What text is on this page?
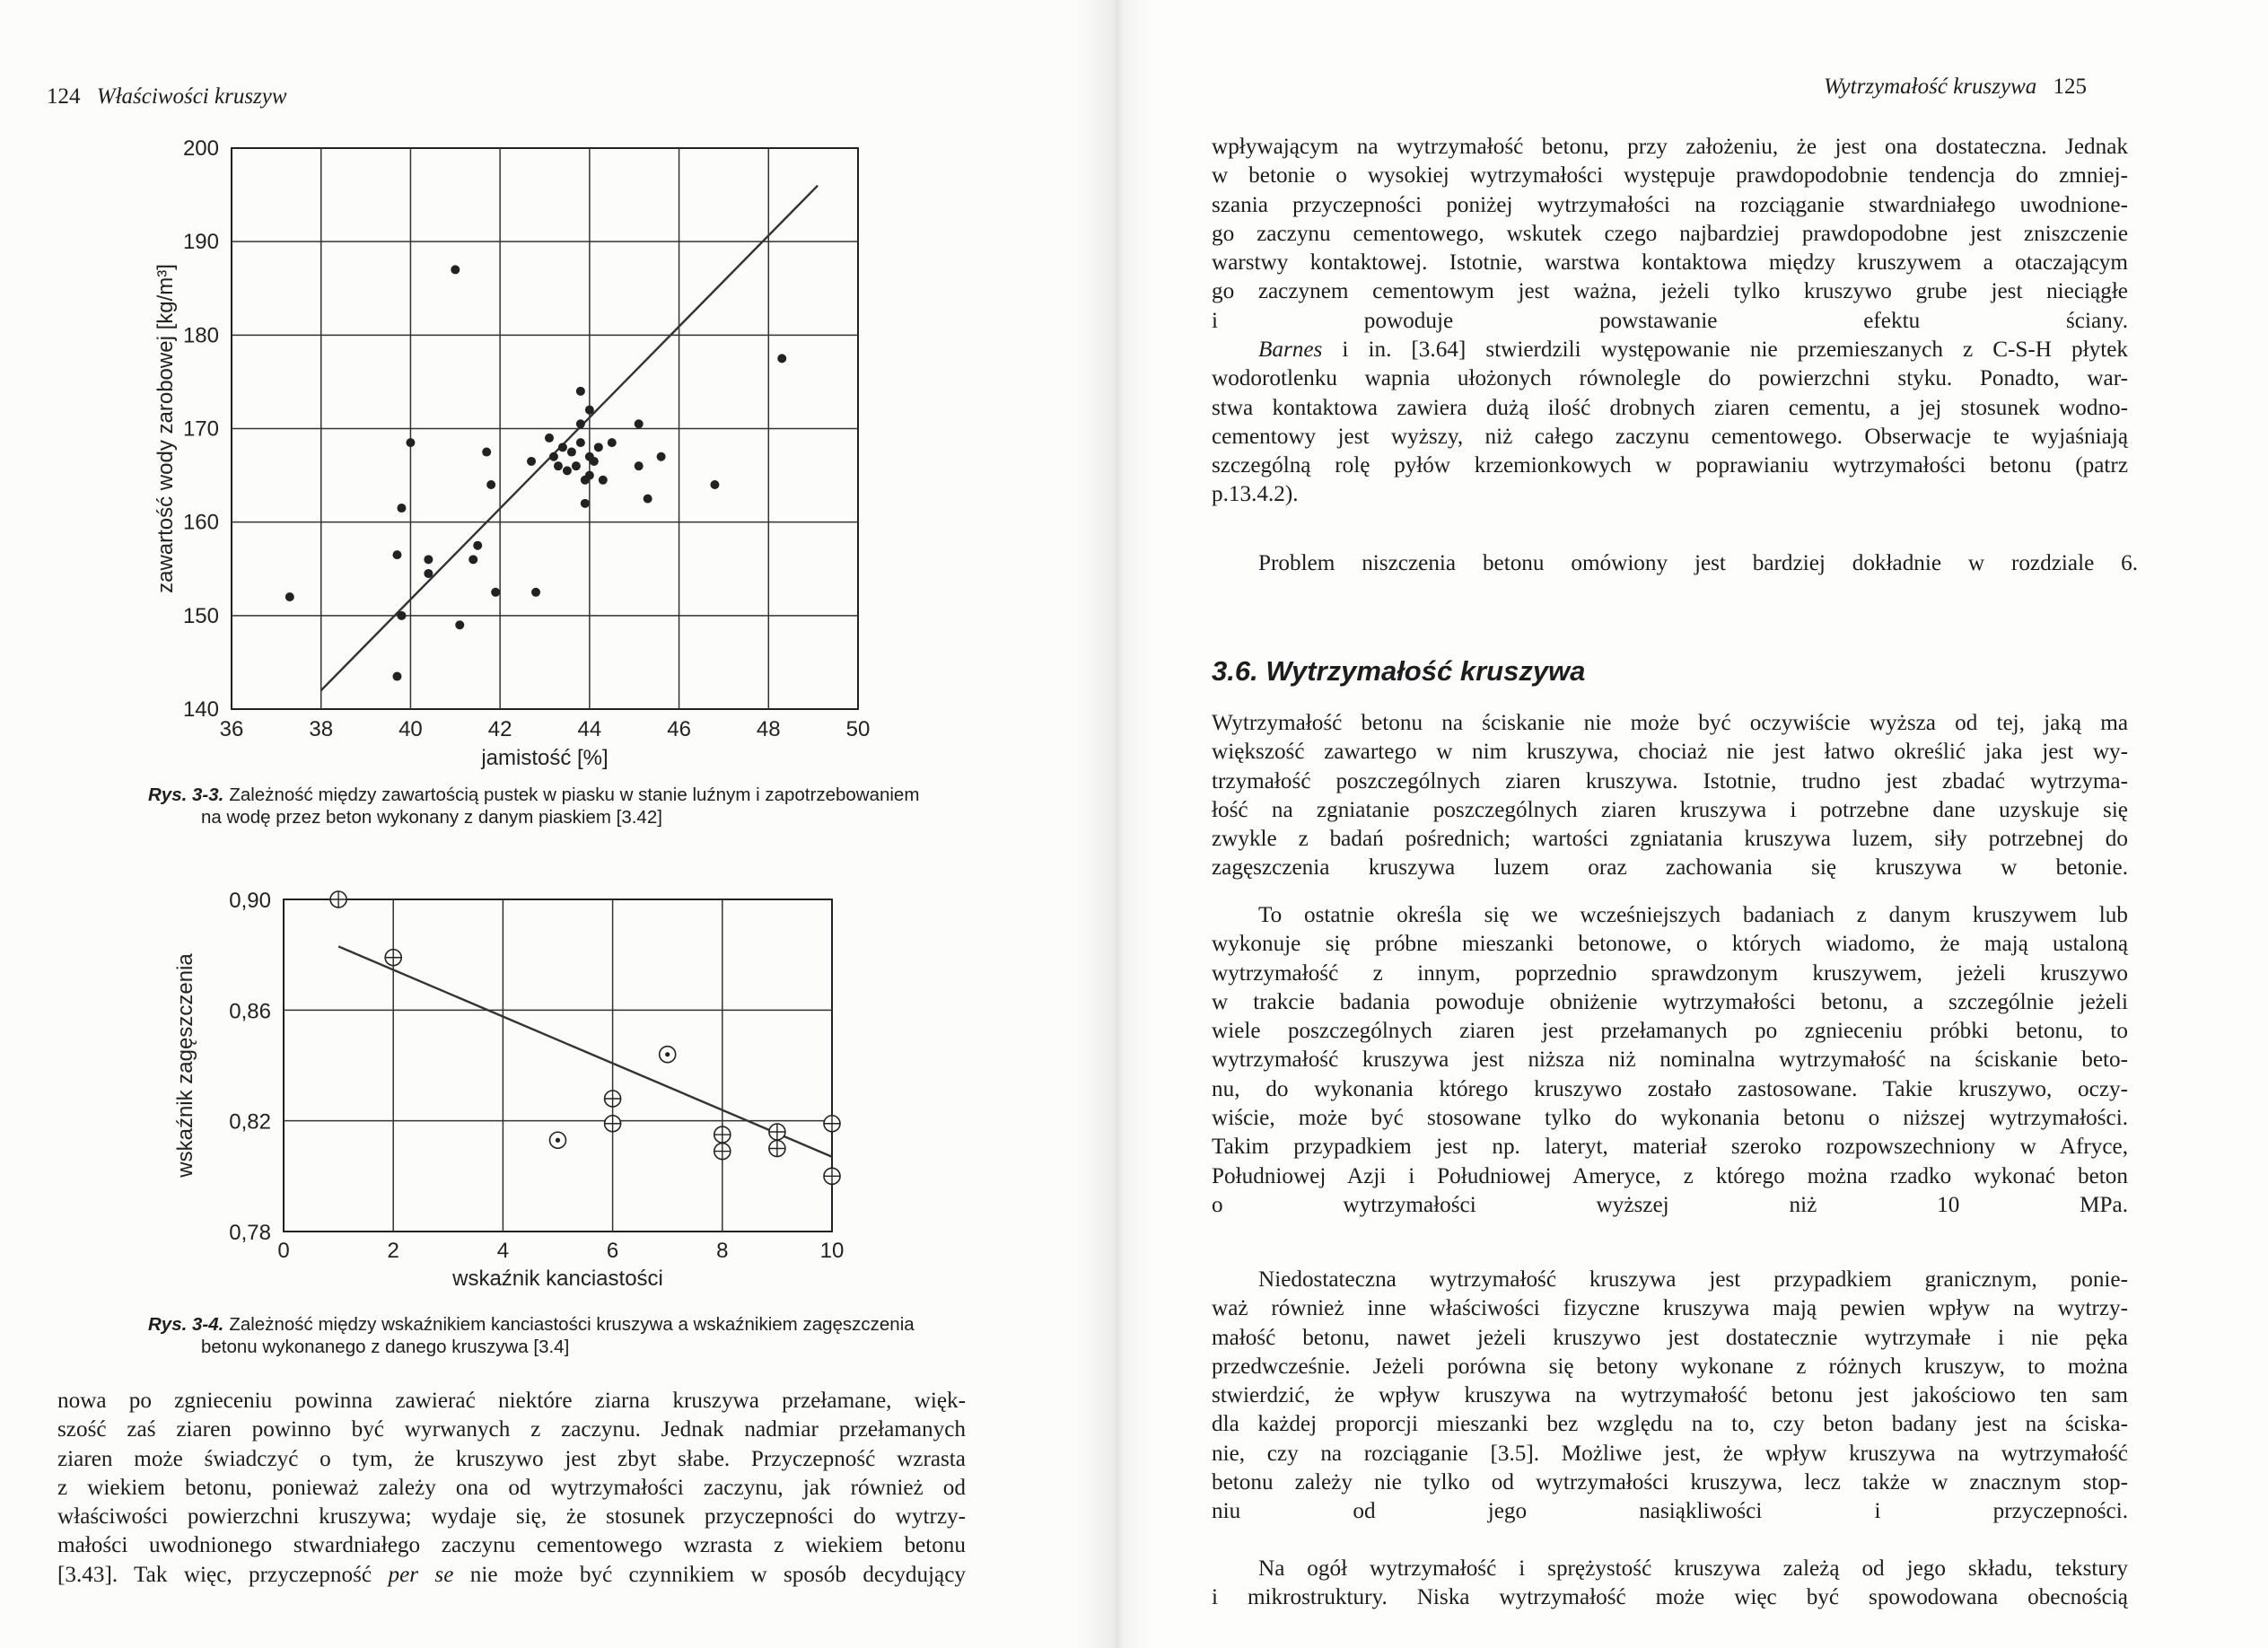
124 Właściwości kruszyw
36	38	40	42	44	46	48	50
140
150
160
170
180
190
200
jamistość [%]
zawartość wody zarobowej [kg/m³]
Rys. 3-3. Zależność między zawartością pustek w piasku w stanie luźnym i zapotrzebowaniem
na wodę przez beton wykonany z danym piaskiem [3.42]
0	2	4	6	8	10
0,78
0,82
0,86
0,90
wskaźnik kanciastości
wskaźnik zagęszczenia
Rys. 3-4. Zależność między wskaźnikiem kanciastości kruszywa a wskaźnikiem zagęszczenia
betonu wykonanego z danego kruszywa [3.4]
nowa po zgnieceniu powinna zawierać niektóre ziarna kruszywa przełamane, więk-
szość zaś ziaren powinno być wyrwanych z zaczynu. Jednak nadmiar przełamanych
ziaren może świadczyć o tym, że kruszywo jest zbyt słabe. Przyczepność wzrasta
z wiekiem betonu, ponieważ zależy ona od wytrzymałości zaczynu, jak również od
właściwości powierzchni kruszywa; wydaje się, że stosunek przyczepności do wytrzy-
małości uwodnionego stwardniałego zaczynu cementowego wzrasta z wiekiem betonu
[3.43]. Tak więc, przyczepność per se nie może być czynnikiem w sposób decydujący
Wytrzymałość kruszywa 125
wpływającym na wytrzymałość betonu, przy założeniu, że jest ona dostateczna. Jednak
w betonie o wysokiej wytrzymałości występuje prawdopodobnie tendencja do zmniej-
szania przyczepności poniżej wytrzymałości na rozciąganie stwardniałego uwodnione-
go zaczynu cementowego, wskutek czego najbardziej prawdopodobne jest zniszczenie
warstwy kontaktowej. Istotnie, warstwa kontaktowa między kruszywem a otaczającym
go zaczynem cementowym jest ważna, jeżeli tylko kruszywo grube jest nieciągłe
i powoduje powstawanie efektu ściany.
Barnes i in. [3.64] stwierdzili występowanie nie przemieszanych z C-S-H płytek
wodorotlenku wapnia ułożonych równolegle do powierzchni styku. Ponadto, war-
stwa kontaktowa zawiera dużą ilość drobnych ziaren cementu, a jej stosunek wodno-
cementowy jest wyższy, niż całego zaczynu cementowego. Obserwacje te wyjaśniają
szczególną rolę pyłów krzemionkowych w poprawianiu wytrzymałości betonu (patrz
p.13.4.2).
Problem niszczenia betonu omówiony jest bardziej dokładnie w rozdziale 6.
3.6. Wytrzymałość kruszywa
Wytrzymałość betonu na ściskanie nie może być oczywiście wyższa od tej, jaką ma
większość zawartego w nim kruszywa, chociaż nie jest łatwo określić jaka jest wy-
trzymałość poszczególnych ziaren kruszywa. Istotnie, trudno jest zbadać wytrzyma-
łość na zgniatanie poszczególnych ziaren kruszywa i potrzebne dane uzyskuje się
zwykle z badań pośrednich; wartości zgniatania kruszywa luzem, siły potrzebnej do
zagęszczenia kruszywa luzem oraz zachowania się kruszywa w betonie.
To ostatnie określa się we wcześniejszych badaniach z danym kruszywem lub
wykonuje się próbne mieszanki betonowe, o których wiadomo, że mają ustaloną
wytrzymałość z innym, poprzednio sprawdzonym kruszywem, jeżeli kruszywo
w trakcie badania powoduje obniżenie wytrzymałości betonu, a szczególnie jeżeli
wiele poszczególnych ziaren jest przełamanych po zgnieceniu próbki betonu, to
wytrzymałość kruszywa jest niższa niż nominalna wytrzymałość na ściskanie beto-
nu, do wykonania którego kruszywo zostało zastosowane. Takie kruszywo, oczy-
wiście, może być stosowane tylko do wykonania betonu o niższej wytrzymałości.
Takim przypadkiem jest np. lateryt, materiał szeroko rozpowszechniony w Afryce,
Południowej Azji i Południowej Ameryce, z którego można rzadko wykonać beton
o wytrzymałości wyższej niż 10 MPa.
Niedostateczna wytrzymałość kruszywa jest przypadkiem granicznym, ponie-
waż również inne właściwości fizyczne kruszywa mają pewien wpływ na wytrzy-
małość betonu, nawet jeżeli kruszywo jest dostatecznie wytrzymałe i nie pęka
przedwcześnie. Jeżeli porówna się betony wykonane z różnych kruszyw, to można
stwierdzić, że wpływ kruszywa na wytrzymałość betonu jest jakościowo ten sam
dla każdej proporcji mieszanki bez względu na to, czy beton badany jest na ściska-
nie, czy na rozciąganie [3.5]. Możliwe jest, że wpływ kruszywa na wytrzymałość
betonu zależy nie tylko od wytrzymałości kruszywa, lecz także w znacznym stop-
niu od jego nasiąkliwości i przyczepności.
Na ogół wytrzymałość i sprężystość kruszywa zależą od jego składu, tekstury
i mikrostruktury. Niska wytrzymałość może więc być spowodowana obecnością
